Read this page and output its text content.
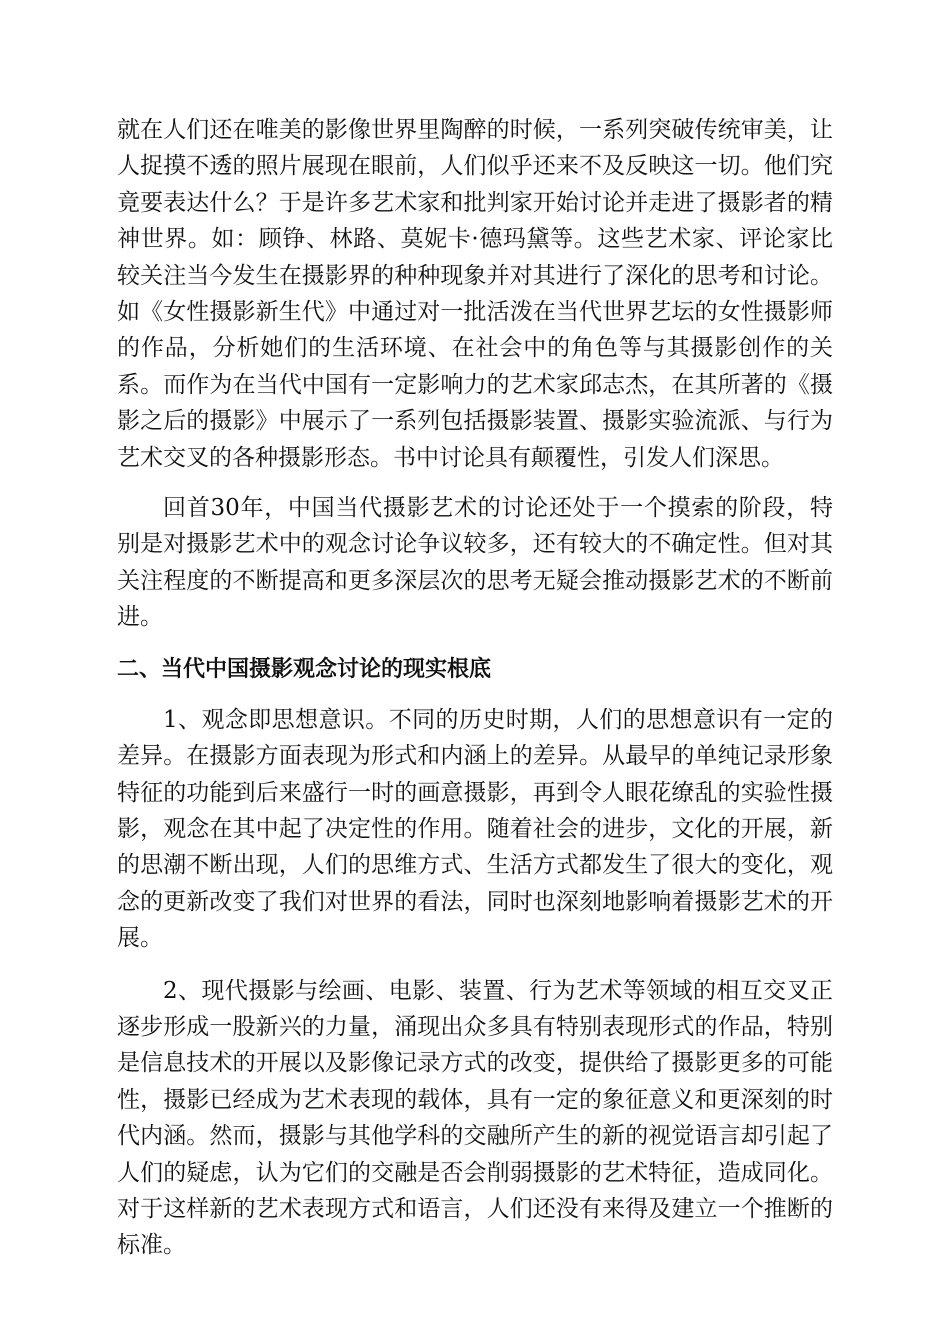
就在人们还在唯美的影像世界里陶醉的时候，一系列突破传统审美，让人捉摸不透的照片展现在眼前，人们似乎还来不及反映这一切。他们究竟要表达什么？于是许多艺术家和批判家开始讨论并走进了摄影者的精神世界。如：顾铮、林路、莫妮卡·德玛黛等。这些艺术家、评论家比较关注当今发生在摄影界的种种现象并对其进行了深化的思考和讨论。如《女性摄影新生代》中通过对一批活泼在当代世界艺坛的女性摄影师的作品，分析她们的生活环境、在社会中的角色等与其摄影创作的关系。而作为在当代中国有一定影响力的艺术家邱志杰，在其所著的《摄影之后的摄影》中展示了一系列包括摄影装置、摄影实验流派、与行为艺术交叉的各种摄影形态。书中讨论具有颠覆性，引发人们深思。

回首30年，中国当代摄影艺术的讨论还处于一个摸索的阶段，特别是对摄影艺术中的观念讨论争议较多，还有较大的不确定性。但对其关注程度的不断提高和更多深层次的思考无疑会推动摄影艺术的不断前进。

二、当代中国摄影观念讨论的现实根底

1、观念即思想意识。不同的历史时期，人们的思想意识有一定的差异。在摄影方面表现为形式和内涵上的差异。从最早的单纯记录形象特征的功能到后来盛行一时的画意摄影，再到令人眼花缭乱的实验性摄影，观念在其中起了决定性的作用。随着社会的进步，文化的开展，新的思潮不断出现，人们的思维方式、生活方式都发生了很大的变化，观念的更新改变了我们对世界的看法，同时也深刻地影响着摄影艺术的开展。

2、现代摄影与绘画、电影、装置、行为艺术等领域的相互交叉正逐步形成一股新兴的力量，涌现出众多具有特别表现形式的作品，特别是信息技术的开展以及影像记录方式的改变，提供给了摄影更多的可能性，摄影已经成为艺术表现的载体，具有一定的象征意义和更深刻的时代内涵。然而，摄影与其他学科的交融所产生的新的视觉语言却引起了人们的疑虑，认为它们的交融是否会削弱摄影的艺术特征，造成同化。对于这样新的艺术表现方式和语言，人们还没有来得及建立一个推断的标准。
